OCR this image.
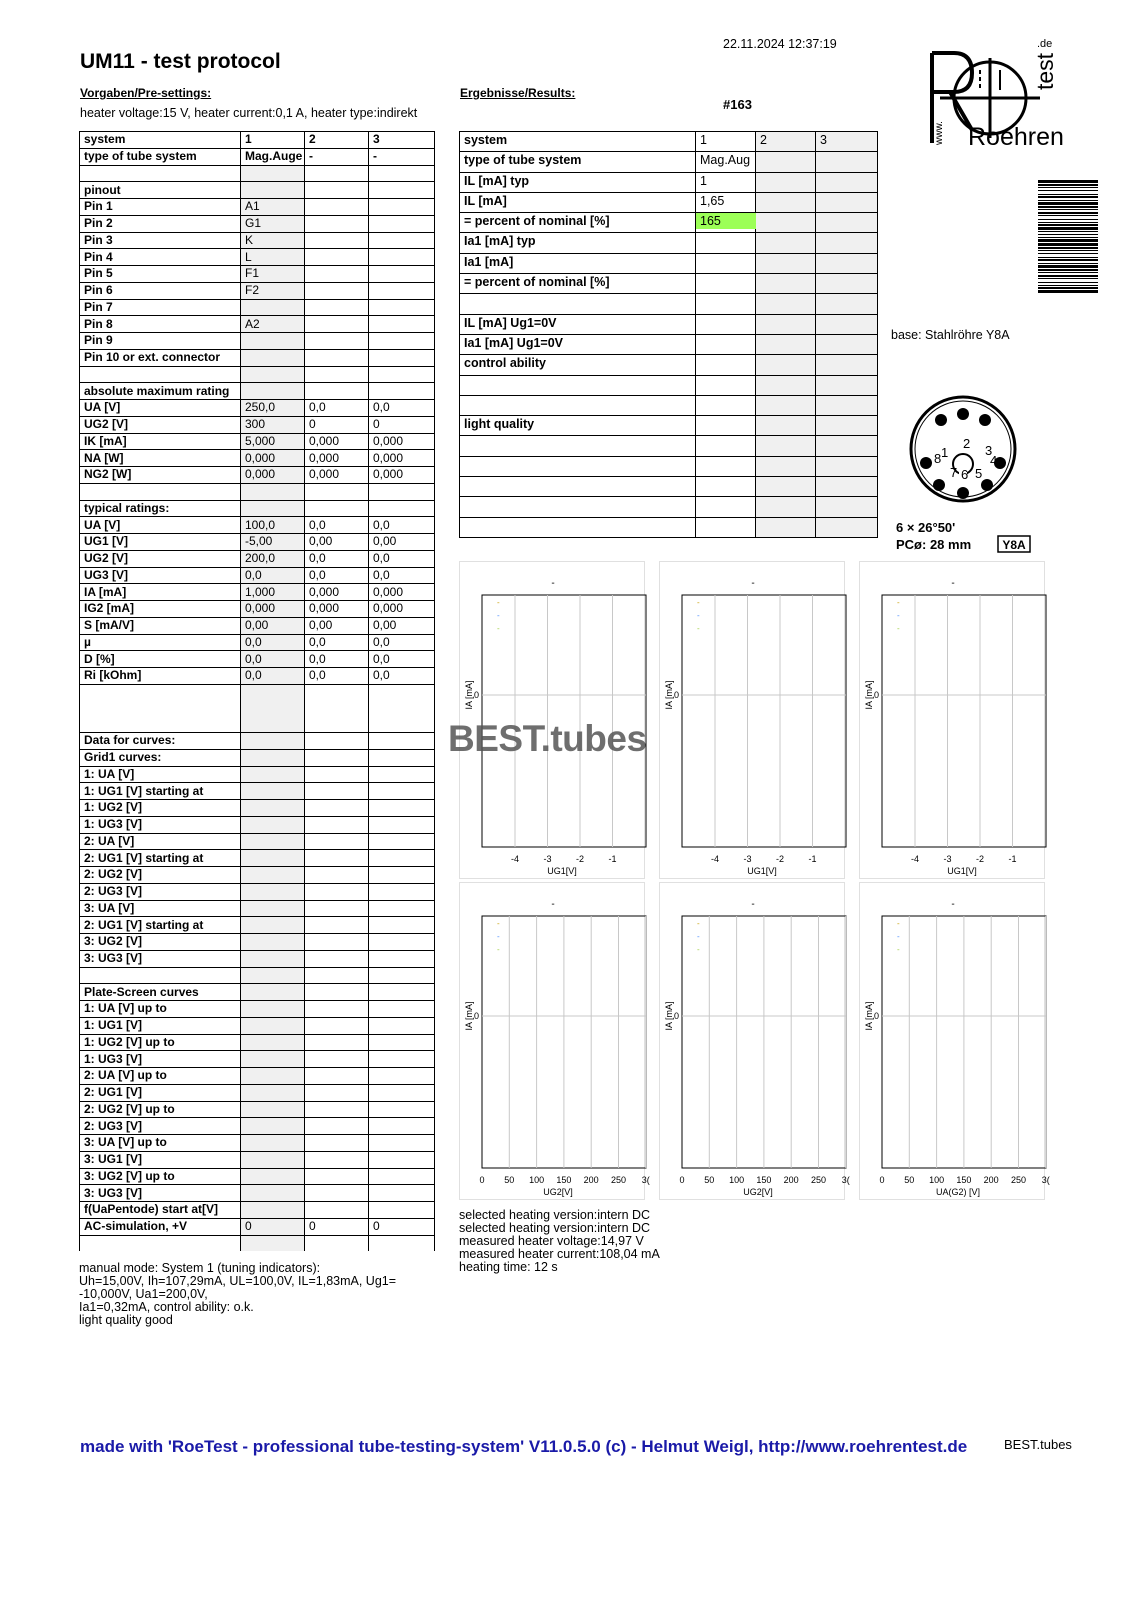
UM11 - test protocol
22.11.2024 12:37:19
#163
Vorgaben/Pre-settings:
heater voltage:15 V, heater current:0,1 A, heater type:indirekt
Ergebnisse/Results:
www. Roehren
test
.de
system	1	2	3
type of tube system	Mag.Auge	-	-

pinout			
Pin 1	A1		
Pin 2	G1		
Pin 3	K		
Pin 4	L		
Pin 5	F1		
Pin 6	F2		
Pin 7			
Pin 8	A2		
Pin 9			
Pin 10 or ext. connector			

absolute maximum rating			
UA [V]	250,0	0,0	0,0
UG2 [V]	300	0	0
IK [mA]	5,000	0,000	0,000
NA [W]	0,000	0,000	0,000
NG2 [W]	0,000	0,000	0,000

typical ratings:			
UA [V]	100,0	0,0	0,0
UG1 [V]	-5,00	0,00	0,00
UG2 [V]	200,0	0,0	0,0
UG3 [V]	0,0	0,0	0,0
IA [mA]	1,000	0,000	0,000
IG2 [mA]	0,000	0,000	0,000
S [mA/V]	0,00	0,00	0,00
µ	0,0	0,0	0,0
D [%]	0,0	0,0	0,0
Ri [kOhm]	0,0	0,0	0,0

Data for curves:			
Grid1 curves:			
1: UA [V]			
1: UG1 [V] starting at			
1: UG2 [V]			
1: UG3 [V]			
2: UA [V]			
2: UG1 [V] starting at			
2: UG2 [V]			
2: UG3 [V]			
3: UA [V]			
2: UG1 [V] starting at			
3: UG2 [V]			
3: UG3 [V]			

Plate-Screen curves			
1: UA [V] up to			
1: UG1 [V]			
1: UG2 [V] up to			
1: UG3 [V]			
2: UA [V] up to			
2: UG1 [V]			
2: UG2 [V] up to			
2: UG3 [V]			
3: UA [V] up to			
3: UG1 [V]			
3: UG2 [V] up to			
3: UG3 [V]			
f(UaPentode) start at[V]			
AC-simulation, +V	0	0	0

system	1	2	3
type of tube system	Mag.Aug		
IL [mA] typ	1		
IL [mA]	1,65		
= percent of nominal [%]	165		
Ia1 [mA] typ			
Ia1 [mA]			
= percent of nominal [%]			

IL [mA] Ug1=0V			
Ia1 [mA] Ug1=0V			
control ability			

light quality			

base: Stahlröhre Y8A
1
2 3
4
5
6
7
8
6 × 26°50'
PCø: 28 mm	Y8A
-4	-3	-2	-1
0
-
-
-
-
UG1[V]
IA [mA]
-4	-3	-2	-1
0
-
-
-
-
UG1[V]
IA [mA]
-4	-3	-2	-1
0
-
-
-
-
UG1[V]
IA [mA]
0 50 100 150 200 250 3(
0
-
-
-
-
UG2[V]
IA [mA]
0 50 100 150 200 250 3(
0
-
-
-
-
UG2[V]
IA [mA]
0 50 100 150 200 250 3(
0
-
-
-
-
UA(G2) [V]
IA [mA]
BEST.tubes
selected heating version:intern DC
selected heating version:intern DC
measured heater voltage:14,97 V
measured heater current:108,04 mA
heating time: 12 s
manual mode: System 1 (tuning indicators):
Uh=15,00V, Ih=107,29mA, UL=100,0V, IL=1,83mA, Ug1=
-10,000V, Ua1=200,0V,
Ia1=0,32mA, control ability: o.k.
light quality good
made with 'RoeTest - professional tube-testing-system' V11.0.5.0 (c) - Helmut Weigl, http://www.roehrentest.de	BEST.tubes
